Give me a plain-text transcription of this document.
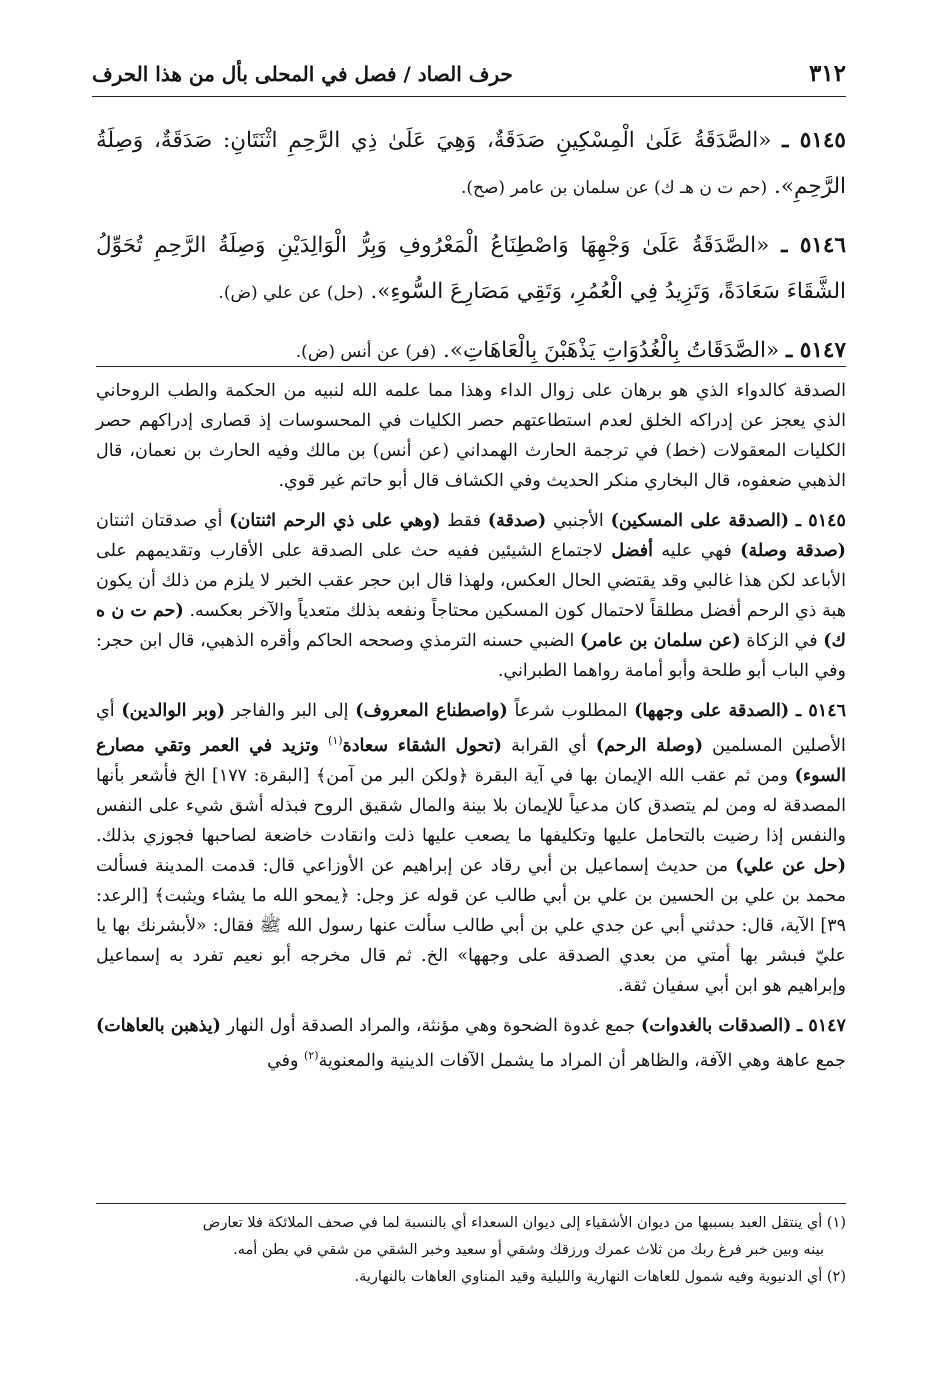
٣١٢
حرف الصاد / فصل في المحلى بأل من هذا الحرف

٥١٤٥ ـ «الصَّدَقَةُ عَلَىٰ الْمِسْكِينِ صَدَقَةٌ، وَهِيَ عَلَىٰ ذِي الرَّحِمِ اثْنَتَانِ: صَدَقَةٌ، وَصِلَةُ الرَّحِمِ». (حم ت ن هـ ك) عن سلمان بن عامر (صح).

٥١٤٦ ـ «الصَّدَقَةُ عَلَىٰ وَجْهِهَا وَاصْطِنَاعُ الْمَعْرُوفِ وَبِرُّ الْوَالِدَيْنِ وَصِلَةُ الرَّحِمِ تُحَوِّلُ الشَّقَاءَ سَعَادَةً، وَتَزِيدُ فِي الْعُمُرِ، وَتَقِي مَصَارِعَ السُّوءِ». (حل) عن علي (ض).

٥١٤٧ ـ «الصَّدَقَاتُ بِالْغُدُوَاتِ يَذْهَبْنَ بِالْعَاهَاتِ». (فر) عن أنس (ض).

الصدقة كالدواء الذي هو برهان على زوال الداء وهذا مما علمه الله لنبيه من الحكمة والطب الروحاني الذي يعجز عن إدراكه الخلق لعدم استطاعتهم حصر الكليات في المحسوسات إذ قصارى إدراكهم حصر الكليات المعقولات (خط) في ترجمة الحارث الهمداني (عن أنس) بن مالك وفيه الحارث بن نعمان، قال الذهبي ضعفوه، قال البخاري منكر الحديث وفي الكشاف قال أبو حاتم غير قوي.

٥١٤٥ ـ (الصدقة على المسكين) الأجنبي (صدقة) فقط (وهي على ذي الرحم اثنتان) أي صدقتان اثنتان (صدقة وصلة) فهي عليه أفضل لاجتماع الشيئين ففيه حث على الصدقة على الأقارب وتقديمهم على الأباعد لكن هذا غالبي وقد يقتضي الحال العكس، ولهذا قال ابن حجر عقب الخبر لا يلزم من ذلك أن يكون هبة ذي الرحم أفضل مطلقاً لاحتمال كون المسكين محتاجاً ونفعه بذلك متعدياً والآخر بعكسه. (حم ت ن ه ك) في الزكاة (عن سلمان بن عامر) الضبي حسنه الترمذي وصححه الحاكم وأقره الذهبي، قال ابن حجر: وفي الباب أبو طلحة وأبو أمامة رواهما الطبراني.

٥١٤٦ ـ (الصدقة على وجهها) المطلوب شرعاً (واصطناع المعروف) إلى البر والفاجر (وبر الوالدين) أي الأصلين المسلمين (وصلة الرحم) أي القرابة (تحول الشقاء سعادة$^{(١)}$ وتزيد في العمر وتقي مصارع السوء) ومن ثم عقب الله الإيمان بها في آية البقرة ﴿ولكن البر من آمن﴾ [البقرة: ١٧٧] الخ فأشعر بأنها المصدقة له ومن لم يتصدق كان مدعياً للإيمان بلا بينة والمال شقيق الروح فبذله أشق شيء على النفس والنفس إذا رضيت بالتحامل عليها وتكليفها ما يصعب عليها ذلت وانقادت خاضعة لصاحبها فجوزي بذلك. (حل عن علي) من حديث إسماعيل بن أبي رقاد عن إبراهيم عن الأوزاعي قال: قدمت المدينة فسألت محمد بن علي بن الحسين بن علي بن أبي طالب عن قوله عز وجل: ﴿يمحو الله ما يشاء ويثبت﴾ [الرعد: ٣٩] الآية، قال: حدثني أبي عن جدي علي بن أبي طالب سألت عنها رسول الله ﷺ فقال: «لأبشرنك بها يا عليّ فبشر بها أمتي من بعدي الصدقة على وجهها» الخ. ثم قال مخرجه أبو نعيم تفرد به إسماعيل وإبراهيم هو ابن أبي سفيان ثقة.

٥١٤٧ ـ (الصدقات بالغدوات) جمع غدوة الضحوة وهي مؤنثة، والمراد الصدقة أول النهار (يذهبن بالعاهات) جمع عاهة وهي الآفة، والظاهر أن المراد ما يشمل الآفات الدينية والمعنوية$^{(٢)}$ وفي

(١) أي ينتقل العبد بسببها من ديوان الأشقياء إلى ديوان السعداء أي بالنسبة لما في صحف الملائكة فلا تعارض

بينه وبين خبر فرغ ربك من ثلاث عمرك ورزقك وشقي أو سعيد وخبر الشقي من شقي في بطن أمه.

(٢) أي الدنيوية وفيه شمول للعاهات النهارية والليلية وقيد المناوي العاهات بالنهارية.
